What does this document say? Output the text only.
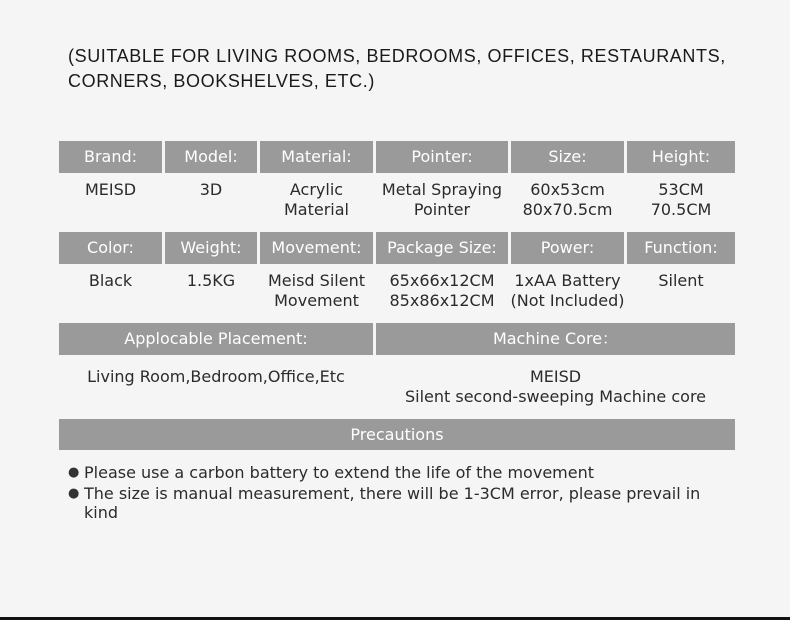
(SUITABLE FOR LIVING ROOMS, BEDROOMS, OFFICES, RESTAURANTS, CORNERS, BOOKSHELVES, ETC.)
Brand:
MEISD
Model:
3D
Material:
Acrylic
Material
Pointer:
Metal Spraying
Pointer
Size:
60x53cm
80x70.5cm
Height:
53CM
70.5CM
Color:
Black
Weight:
1.5KG
Movement:
Meisd Silent
Movement
Package Size:
65x66x12CM
85x86x12CM
Power:
1xAA Battery
(Not Included)
Function:
Silent
Applocable Placement:
Living Room,Bedroom,Office,Etc
Machine Core：
MEISD
Silent second-sweeping Machine core
Precautions
● Please use a carbon battery to extend the life of the movement
● The size is manual measurement, there will be 1-3CM error, please prevail in kind
